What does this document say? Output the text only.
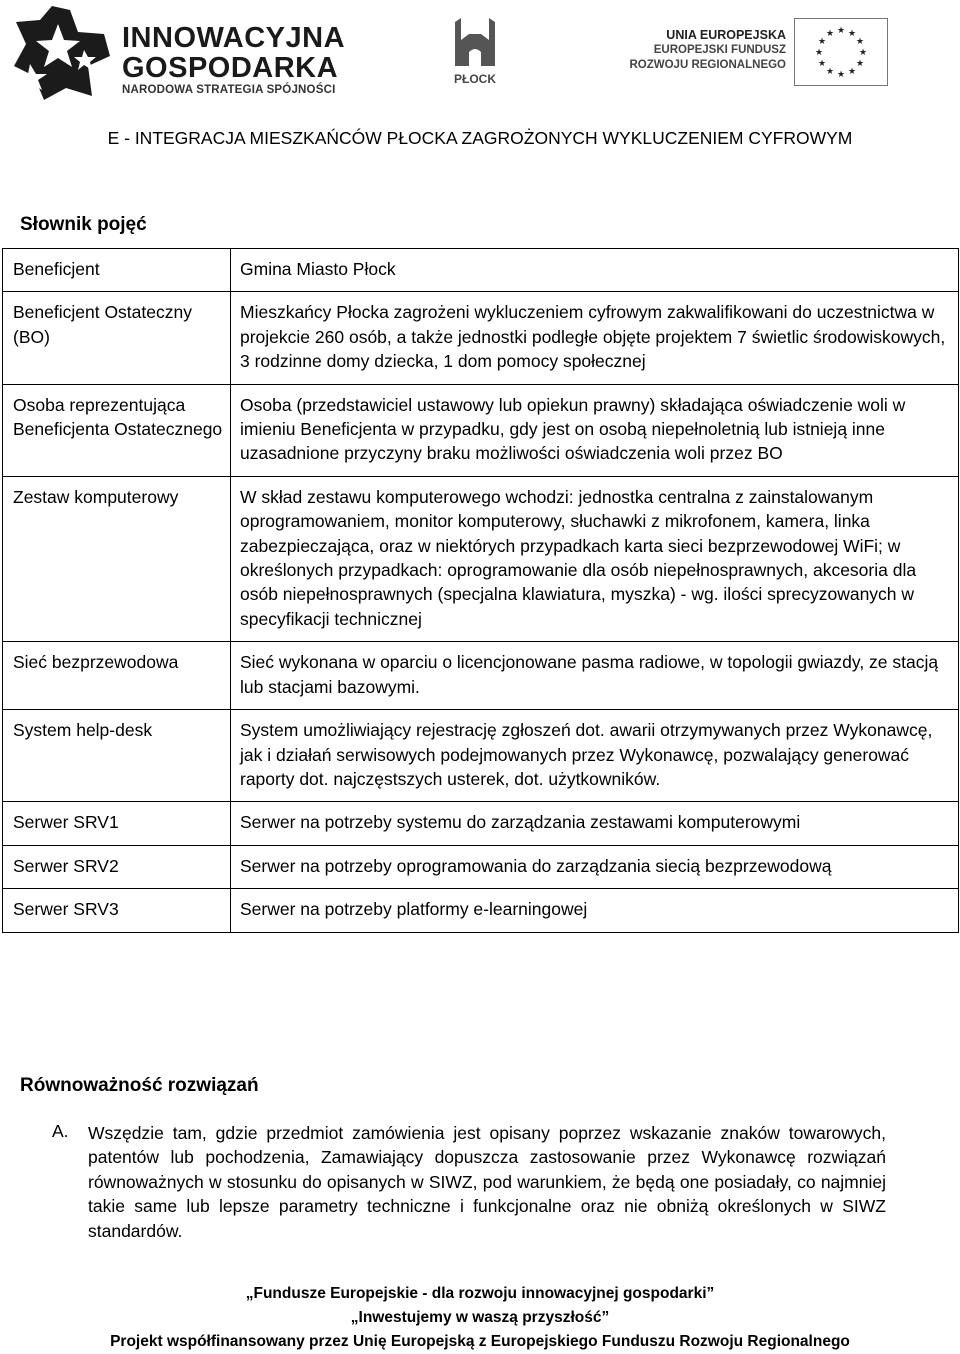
INNOWACYJNA
GOSPODARKA
NARODOWA STRATEGIA SPÓJNOŚCI
PŁOCK
UNIA EUROPEJSKA
EUROPEJSKI FUNDUSZ
ROZWOJU REGIONALNEGO
★ ★
★
★
★
★
★
★
★
★
★
★
E - INTEGRACJA MIESZKAŃCÓW PŁOCKA ZAGROŻONYCH WYKLUCZENIEM CYFROWYM
Słownik pojęć
Beneficjent	Gmina Miasto Płock
Beneficjent Ostateczny (BO)	Mieszkańcy Płocka zagrożeni wykluczeniem cyfrowym zakwalifikowani do uczestnictwa w projekcie 260 osób, a także jednostki podległe objęte projektem 7 świetlic środowiskowych, 3 rodzinne domy dziecka, 1 dom pomocy społecznej
Osoba reprezentująca Beneficjenta Ostatecznego	Osoba (przedstawiciel ustawowy lub opiekun prawny) składająca oświadczenie woli w imieniu Beneficjenta w przypadku, gdy jest on osobą niepełnoletnią lub istnieją inne uzasadnione przyczyny braku możliwości oświadczenia woli przez BO
Zestaw komputerowy	W skład zestawu komputerowego wchodzi: jednostka centralna z zainstalowanym oprogramowaniem, monitor komputerowy, słuchawki z mikrofonem, kamera, linka zabezpieczająca, oraz w niektórych przypadkach karta sieci bezprzewodowej WiFi; w określonych przypadkach: oprogramowanie dla osób niepełnosprawnych, akcesoria dla osób niepełnosprawnych (specjalna klawiatura, myszka) - wg. ilości sprecyzowanych w specyfikacji technicznej
Sieć bezprzewodowa	Sieć wykonana w oparciu o licencjonowane pasma radiowe, w topologii gwiazdy, ze stacją lub stacjami bazowymi.
System help-desk	System umożliwiający rejestrację zgłoszeń dot. awarii otrzymywanych przez Wykonawcę, jak i działań serwisowych podejmowanych przez Wykonawcę, pozwalający generować raporty dot. najczęstszych usterek, dot. użytkowników.
Serwer SRV1	Serwer na potrzeby systemu do zarządzania zestawami komputerowymi
Serwer SRV2	Serwer na potrzeby oprogramowania do zarządzania siecią bezprzewodową
Serwer SRV3	Serwer na potrzeby platformy e-learningowej
Równoważność rozwiązań
A. Wszędzie tam, gdzie przedmiot zamówienia jest opisany poprzez wskazanie znaków towarowych, patentów lub pochodzenia, Zamawiający dopuszcza zastosowanie przez Wykonawcę rozwiązań równoważnych w stosunku do opisanych w SIWZ, pod warunkiem, że będą one posiadały, co najmniej takie same lub lepsze parametry techniczne i funkcjonalne oraz nie obniżą określonych w SIWZ standardów.
„Fundusze Europejskie - dla rozwoju innowacyjnej gospodarki”
„Inwestujemy w waszą przyszłość”
Projekt współfinansowany przez Unię Europejską z Europejskiego Funduszu Rozwoju Regionalnego
